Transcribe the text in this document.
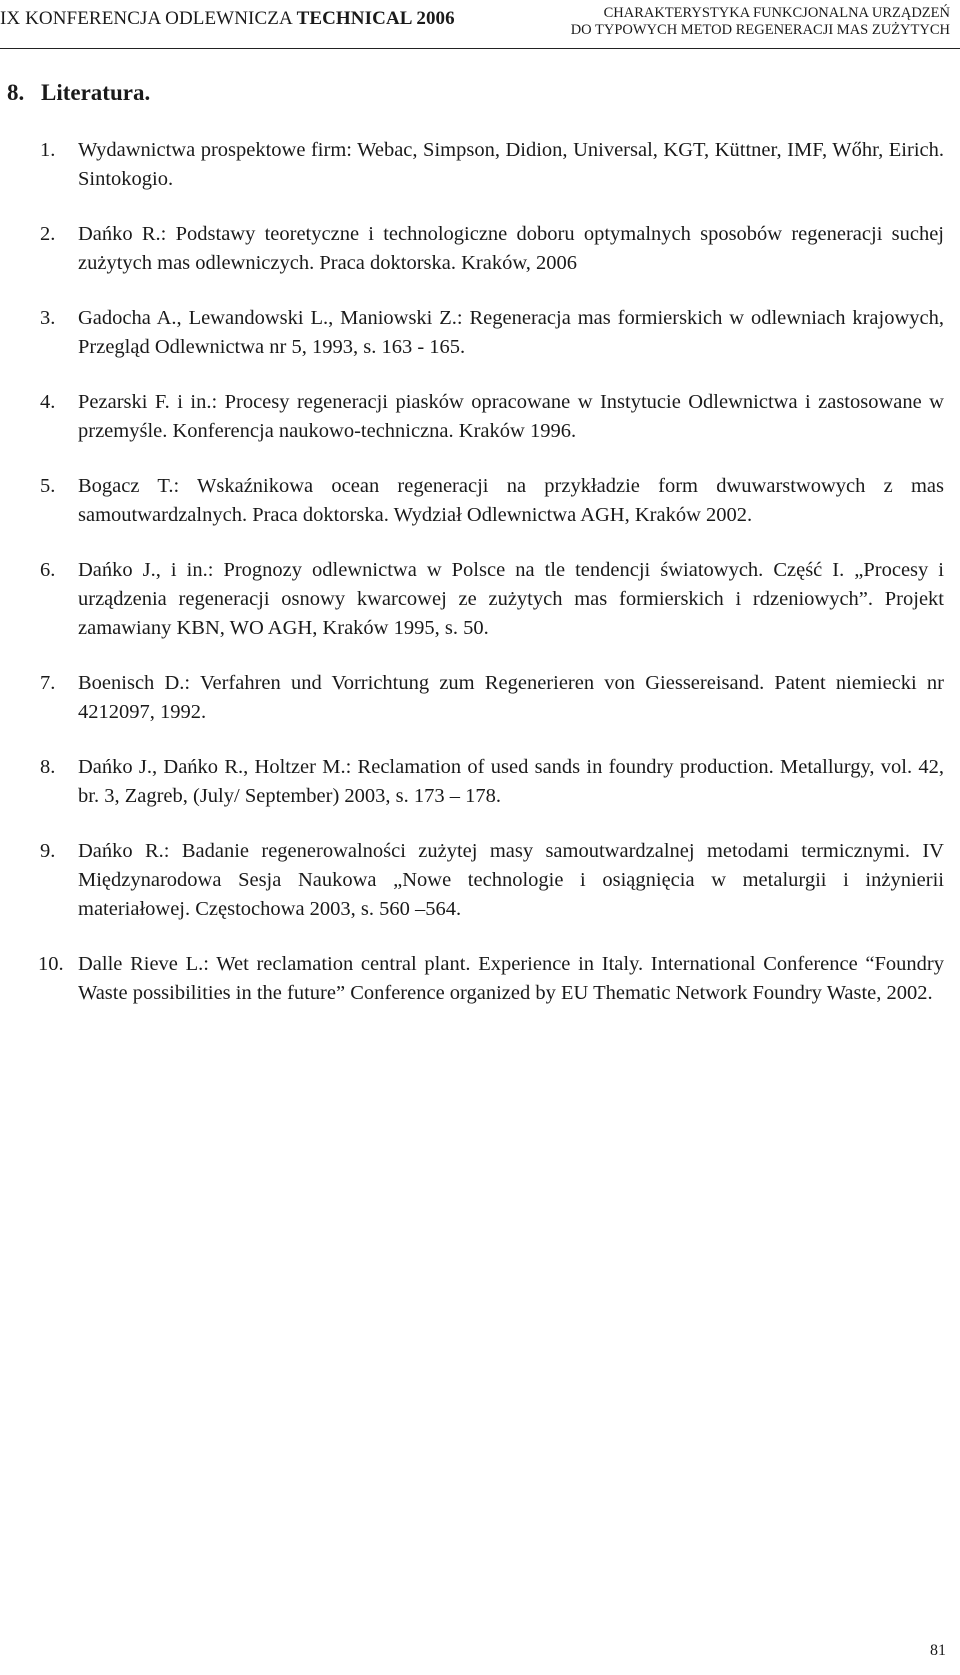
IX KONFERENCJA ODLEWNICZA TECHNICAL 2006	CHARAKTERYSTYKA FUNKCJONALNA URZĄDZEŃ
DO TYPOWYCH METOD REGENERACJI MAS ZUŻYTYCH
8. Literatura.
1. Wydawnictwa prospektowe firm: Webac, Simpson, Didion, Universal, KGT, Küttner, IMF, Wőhr, Eirich. Sintokogio.
2. Dańko R.: Podstawy teoretyczne i technologiczne doboru optymalnych sposobów regeneracji suchej zużytych mas odlewniczych. Praca doktorska. Kraków, 2006
3. Gadocha A., Lewandowski L., Maniowski Z.: Regeneracja mas formierskich w odlewniach krajowych, Przegląd Odlewnictwa nr 5, 1993, s. 163 - 165.
4. Pezarski F. i in.: Procesy regeneracji piasków opracowane w Instytucie Odlewnictwa i zastosowane w przemyśle. Konferencja naukowo-techniczna. Kraków 1996.
5. Bogacz T.: Wskaźnikowa ocean regeneracji na przykładzie form dwuwarstwowych z mas samoutwardzalnych. Praca doktorska. Wydział Odlewnictwa AGH, Kraków 2002.
6. Dańko J., i in.: Prognozy odlewnictwa w Polsce na tle tendencji światowych. Część I. „Procesy i urządzenia regeneracji osnowy kwarcowej ze zużytych mas formierskich i rdzeniowych”. Projekt zamawiany KBN, WO AGH, Kraków 1995, s. 50.
7. Boenisch D.: Verfahren und Vorrichtung zum Regenerieren von Giessereisand. Patent niemiecki nr 4212097, 1992.
8. Dańko J., Dańko R., Holtzer M.: Reclamation of used sands in foundry production. Metallurgy, vol. 42, br. 3, Zagreb, (July/ September) 2003, s. 173 – 178.
9. Dańko R.: Badanie regenerowalności zużytej masy samoutwardzalnej metodami termicznymi. IV Międzynarodowa Sesja Naukowa „Nowe technologie i osiągnięcia w metalurgii i inżynierii materiałowej. Częstochowa 2003, s. 560 –564.
10. Dalle Rieve L.: Wet reclamation central plant. Experience in Italy. International Conference “Foundry Waste possibilities in the future” Conference organized by EU Thematic Network Foundry Waste, 2002.
81
